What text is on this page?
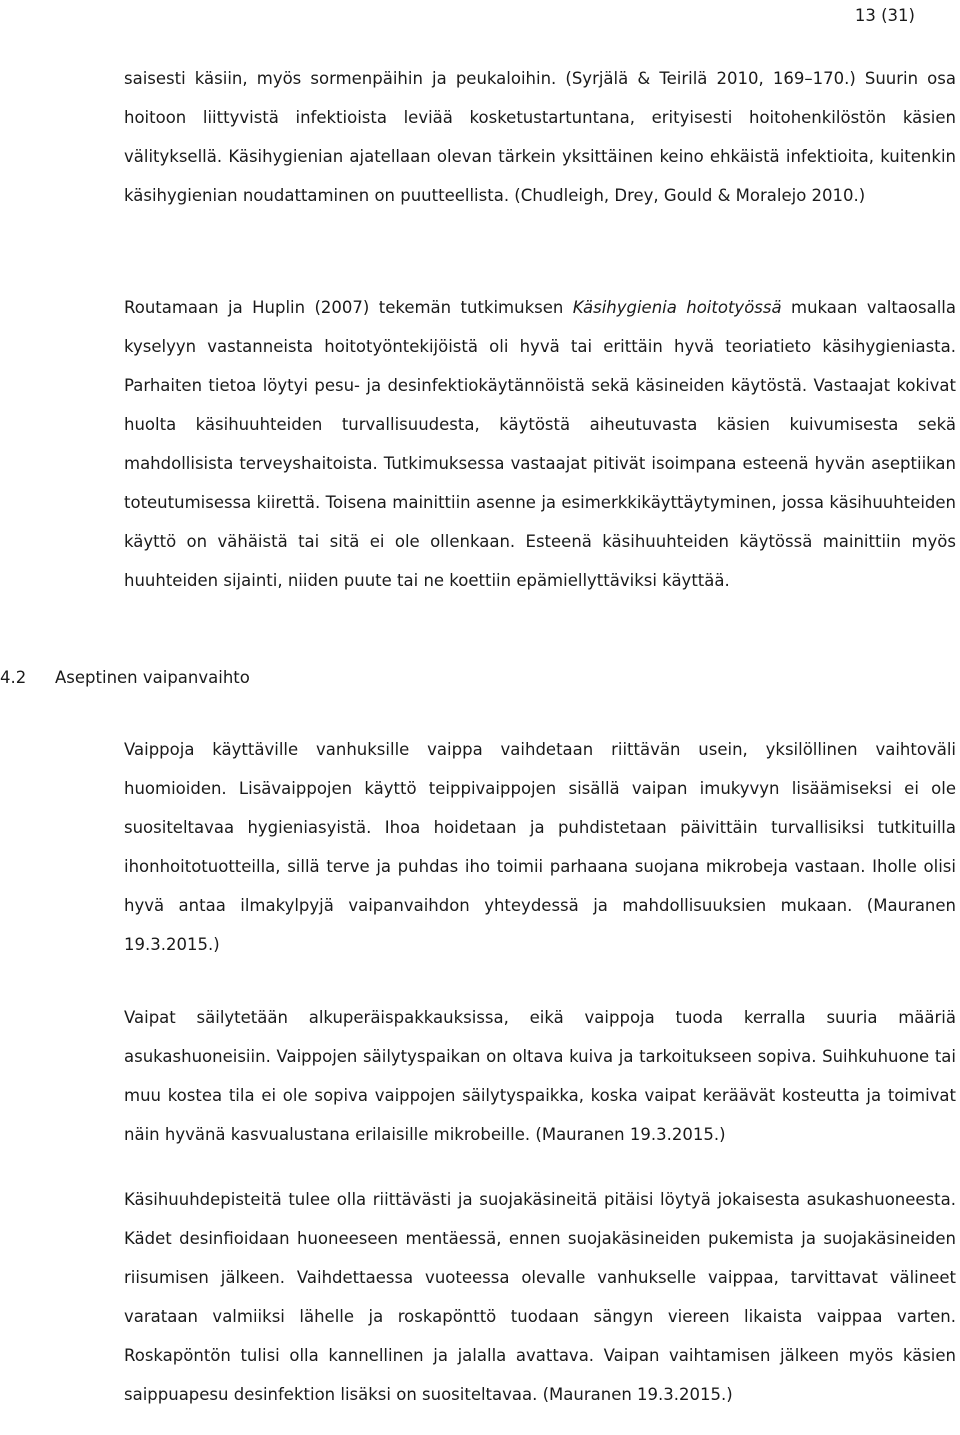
13 (31)

saisesti käsiin, myös sormenpäihin ja peukaloihin. (Syrjälä & Teirilä 2010, 169–170.) Suurin osa hoitoon liittyvistä infektioista leviää kosketustartuntana, erityisesti hoitohenkilöstön käsien välityksellä. Käsihygienian ajatellaan olevan tärkein yksittäinen keino ehkäistä infektioita, kuitenkin käsihygienian noudattaminen on puutteellista. (Chudleigh, Drey, Gould & Moralejo 2010.)

Routamaan ja Huplin (2007) tekemän tutkimuksen Käsihygienia hoitotyössä mukaan valtaosalla kyselyyn vastanneista hoitotyöntekijöistä oli hyvä tai erittäin hyvä teoriatieto käsihygieniasta. Parhaiten tietoa löytyi pesu- ja desinfektiokäytännöistä sekä käsineiden käytöstä. Vastaajat kokivat huolta käsihuuhteiden turvallisuudesta, käytöstä aiheutuvasta käsien kuivumisesta sekä mahdollisista terveyshaitoista. Tutkimuksessa vastaajat pitivät isoimpana esteenä hyvän aseptiikan toteutumisessa kiirettä. Toisena mainittiin asenne ja esimerkkikäyttäytyminen, jossa käsihuuhteiden käyttö on vähäistä tai sitä ei ole ollenkaan. Esteenä käsihuuhteiden käytössä mainittiin myös huuhteiden sijainti, niiden puute tai ne koettiin epämiellyttäviksi käyttää.

4.2 Aseptinen vaipanvaihto

Vaippoja käyttäville vanhuksille vaippa vaihdetaan riittävän usein, yksilöllinen vaihtoväli huomioiden. Lisävaippojen käyttö teippivaippojen sisällä vaipan imukyvyn lisäämiseksi ei ole suositeltavaa hygieniasyistä. Ihoa hoidetaan ja puhdistetaan päivittäin turvallisiksi tutkituilla ihonhoitotuotteilla, sillä terve ja puhdas iho toimii parhaana suojana mikrobeja vastaan. Iholle olisi hyvä antaa ilmakylpyjä vaipanvaihdon yhteydessä ja mahdollisuuksien mukaan. (Mauranen 19.3.2015.)

Vaipat säilytetään alkuperäispakkauksissa, eikä vaippoja tuoda kerralla suuria määriä asukashuoneisiin. Vaippojen säilytyspaikan on oltava kuiva ja tarkoitukseen sopiva. Suihkuhuone tai muu kostea tila ei ole sopiva vaippojen säilytyspaikka, koska vaipat keräävät kosteutta ja toimivat näin hyvänä kasvualustana erilaisille mikrobeille. (Mauranen 19.3.2015.)

Käsihuuhdepisteitä tulee olla riittävästi ja suojakäsineitä pitäisi löytyä jokaisesta asukashuoneesta. Kädet desinfioidaan huoneeseen mentäessä, ennen suojakäsineiden pukemista ja suojakäsineiden riisumisen jälkeen. Vaihdettaessa vuoteessa olevalle vanhukselle vaippaa, tarvittavat välineet varataan valmiiksi lähelle ja roskapönttö tuodaan sängyn viereen likaista vaippaa varten. Roskapöntön tulisi olla kannellinen ja jalalla avattava. Vaipan vaihtamisen jälkeen myös käsien saippuapesu desinfektion lisäksi on suositeltavaa. (Mauranen 19.3.2015.)
